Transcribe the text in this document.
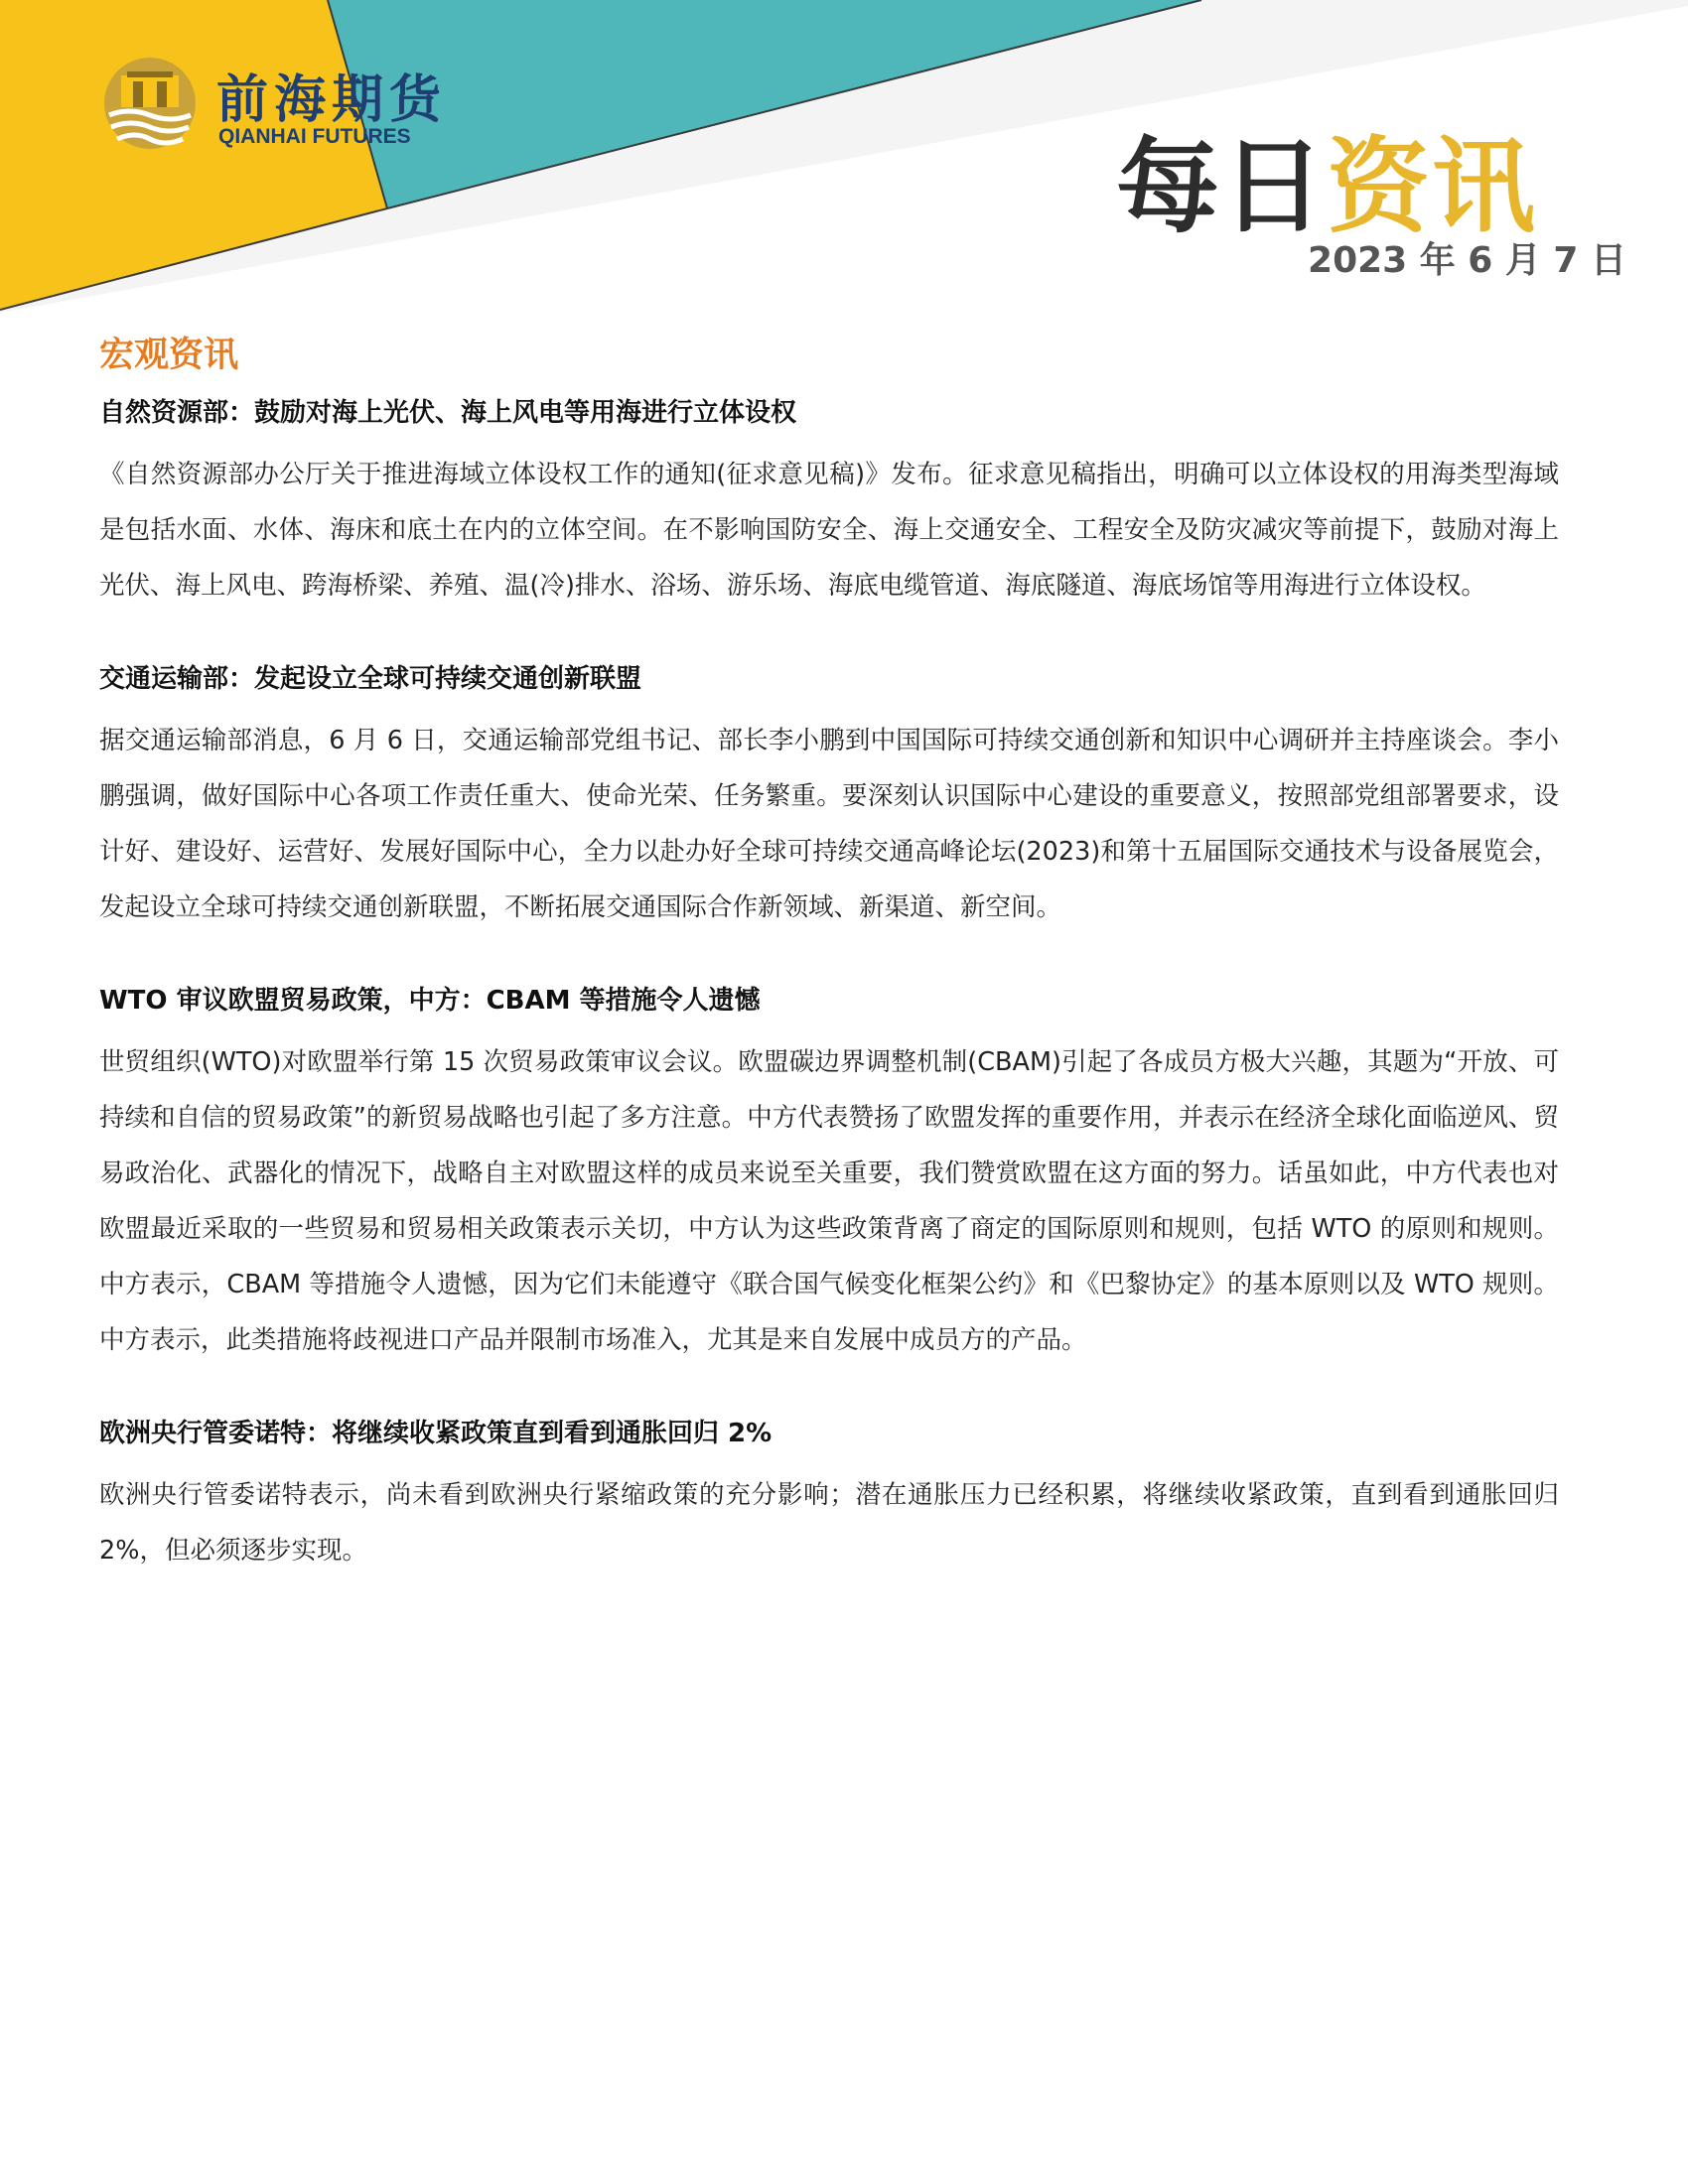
前海期货
QIANHAI FUTURES	每日资讯
2023 年 6 月 7 日
宏观资讯
自然资源部：鼓励对海上光伏、海上风电等用海进行立体设权

《自然资源部办公厅关于推进海域立体设权工作的通知(征求意见稿)》发布。征求意见稿指出，明确可以立体设权的用海类型海域是包括水面、水体、海床和底土在内的立体空间。在不影响国防安全、海上交通安全、工程安全及防灾减灾等前提下，鼓励对海上光伏、海上风电、跨海桥梁、养殖、温(冷)排水、浴场、游乐场、海底电缆管道、海底隧道、海底场馆等用海进行立体设权。

交通运输部：发起设立全球可持续交通创新联盟

据交通运输部消息，6 月 6 日，交通运输部党组书记、部长李小鹏到中国国际可持续交通创新和知识中心调研并主持座谈会。李小鹏强调，做好国际中心各项工作责任重大、使命光荣、任务繁重。要深刻认识国际中心建设的重要意义，按照部党组部署要求，设计好、建设好、运营好、发展好国际中心，全力以赴办好全球可持续交通高峰论坛(2023)和第十五届国际交通技术与设备展览会，发起设立全球可持续交通创新联盟，不断拓展交通国际合作新领域、新渠道、新空间。

WTO 审议欧盟贸易政策，中方：CBAM 等措施令人遗憾

世贸组织(WTO)对欧盟举行第 15 次贸易政策审议会议。欧盟碳边界调整机制(CBAM)引起了各成员方极大兴趣，其题为“开放、可持续和自信的贸易政策”的新贸易战略也引起了多方注意。中方代表赞扬了欧盟发挥的重要作用，并表示在经济全球化面临逆风、贸易政治化、武器化的情况下，战略自主对欧盟这样的成员来说至关重要，我们赞赏欧盟在这方面的努力。话虽如此，中方代表也对欧盟最近采取的一些贸易和贸易相关政策表示关切，中方认为这些政策背离了商定的国际原则和规则，包括 WTO 的原则和规则。中方表示，CBAM 等措施令人遗憾，因为它们未能遵守《联合国气候变化框架公约》和《巴黎协定》的基本原则以及 WTO 规则。中方表示，此类措施将歧视进口产品并限制市场准入，尤其是来自发展中成员方的产品。

欧洲央行管委诺特：将继续收紧政策直到看到通胀回归 2%

欧洲央行管委诺特表示，尚未看到欧洲央行紧缩政策的充分影响；潜在通胀压力已经积累，将继续收紧政策，直到看到通胀回归 2%，但必须逐步实现。
